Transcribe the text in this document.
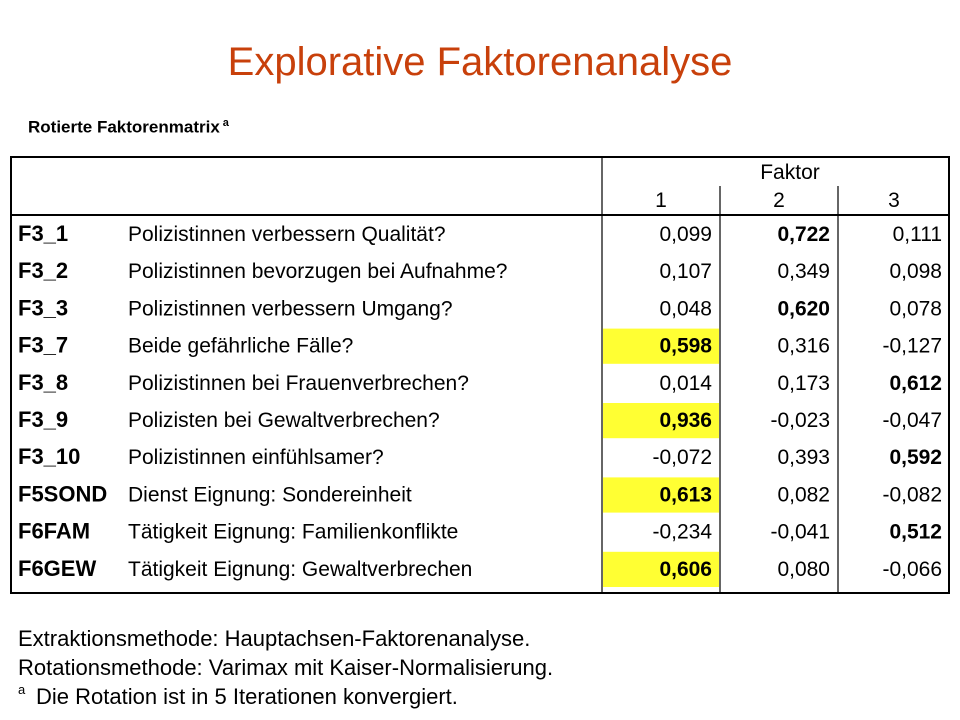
Explorative Faktorenanalyse
Rotierte Faktorenmatrix $^a$
Faktor
1	2	3
F3_1	Polizistinnen verbessern Qualität?	0,099	0,722	0,111
F3_2	Polizistinnen bevorzugen bei Aufnahme?	0,107	0,349	0,098
F3_3	Polizistinnen verbessern Umgang?	0,048	0,620	0,078
F3_7	Beide gefährliche Fälle?	0,598	0,316 -0,127
F3_8	Polizistinnen bei Frauenverbrechen?	0,014	0,173	0,612
F3_9	Polizisten bei Gewaltverbrechen?	0,936	-0,023 -0,047
F3_10 Polizistinnen einfühlsamer?	-0,072	0,393	0,592
F5SOND Dienst Eignung: Sondereinheit	0,613	0,082 -0,082
F6FAM Tätigkeit Eignung: Familienkonflikte	-0,234	-0,041	0,512
F6GEW Tätigkeit Eignung: Gewaltverbrechen	0,606	0,080 -0,066
Extraktionsmethode: Hauptachsen-Faktorenanalyse.
Rotationsmethode: Varimax mit Kaiser-Normalisierung.
a Die Rotation ist in 5 Iterationen konvergiert.
